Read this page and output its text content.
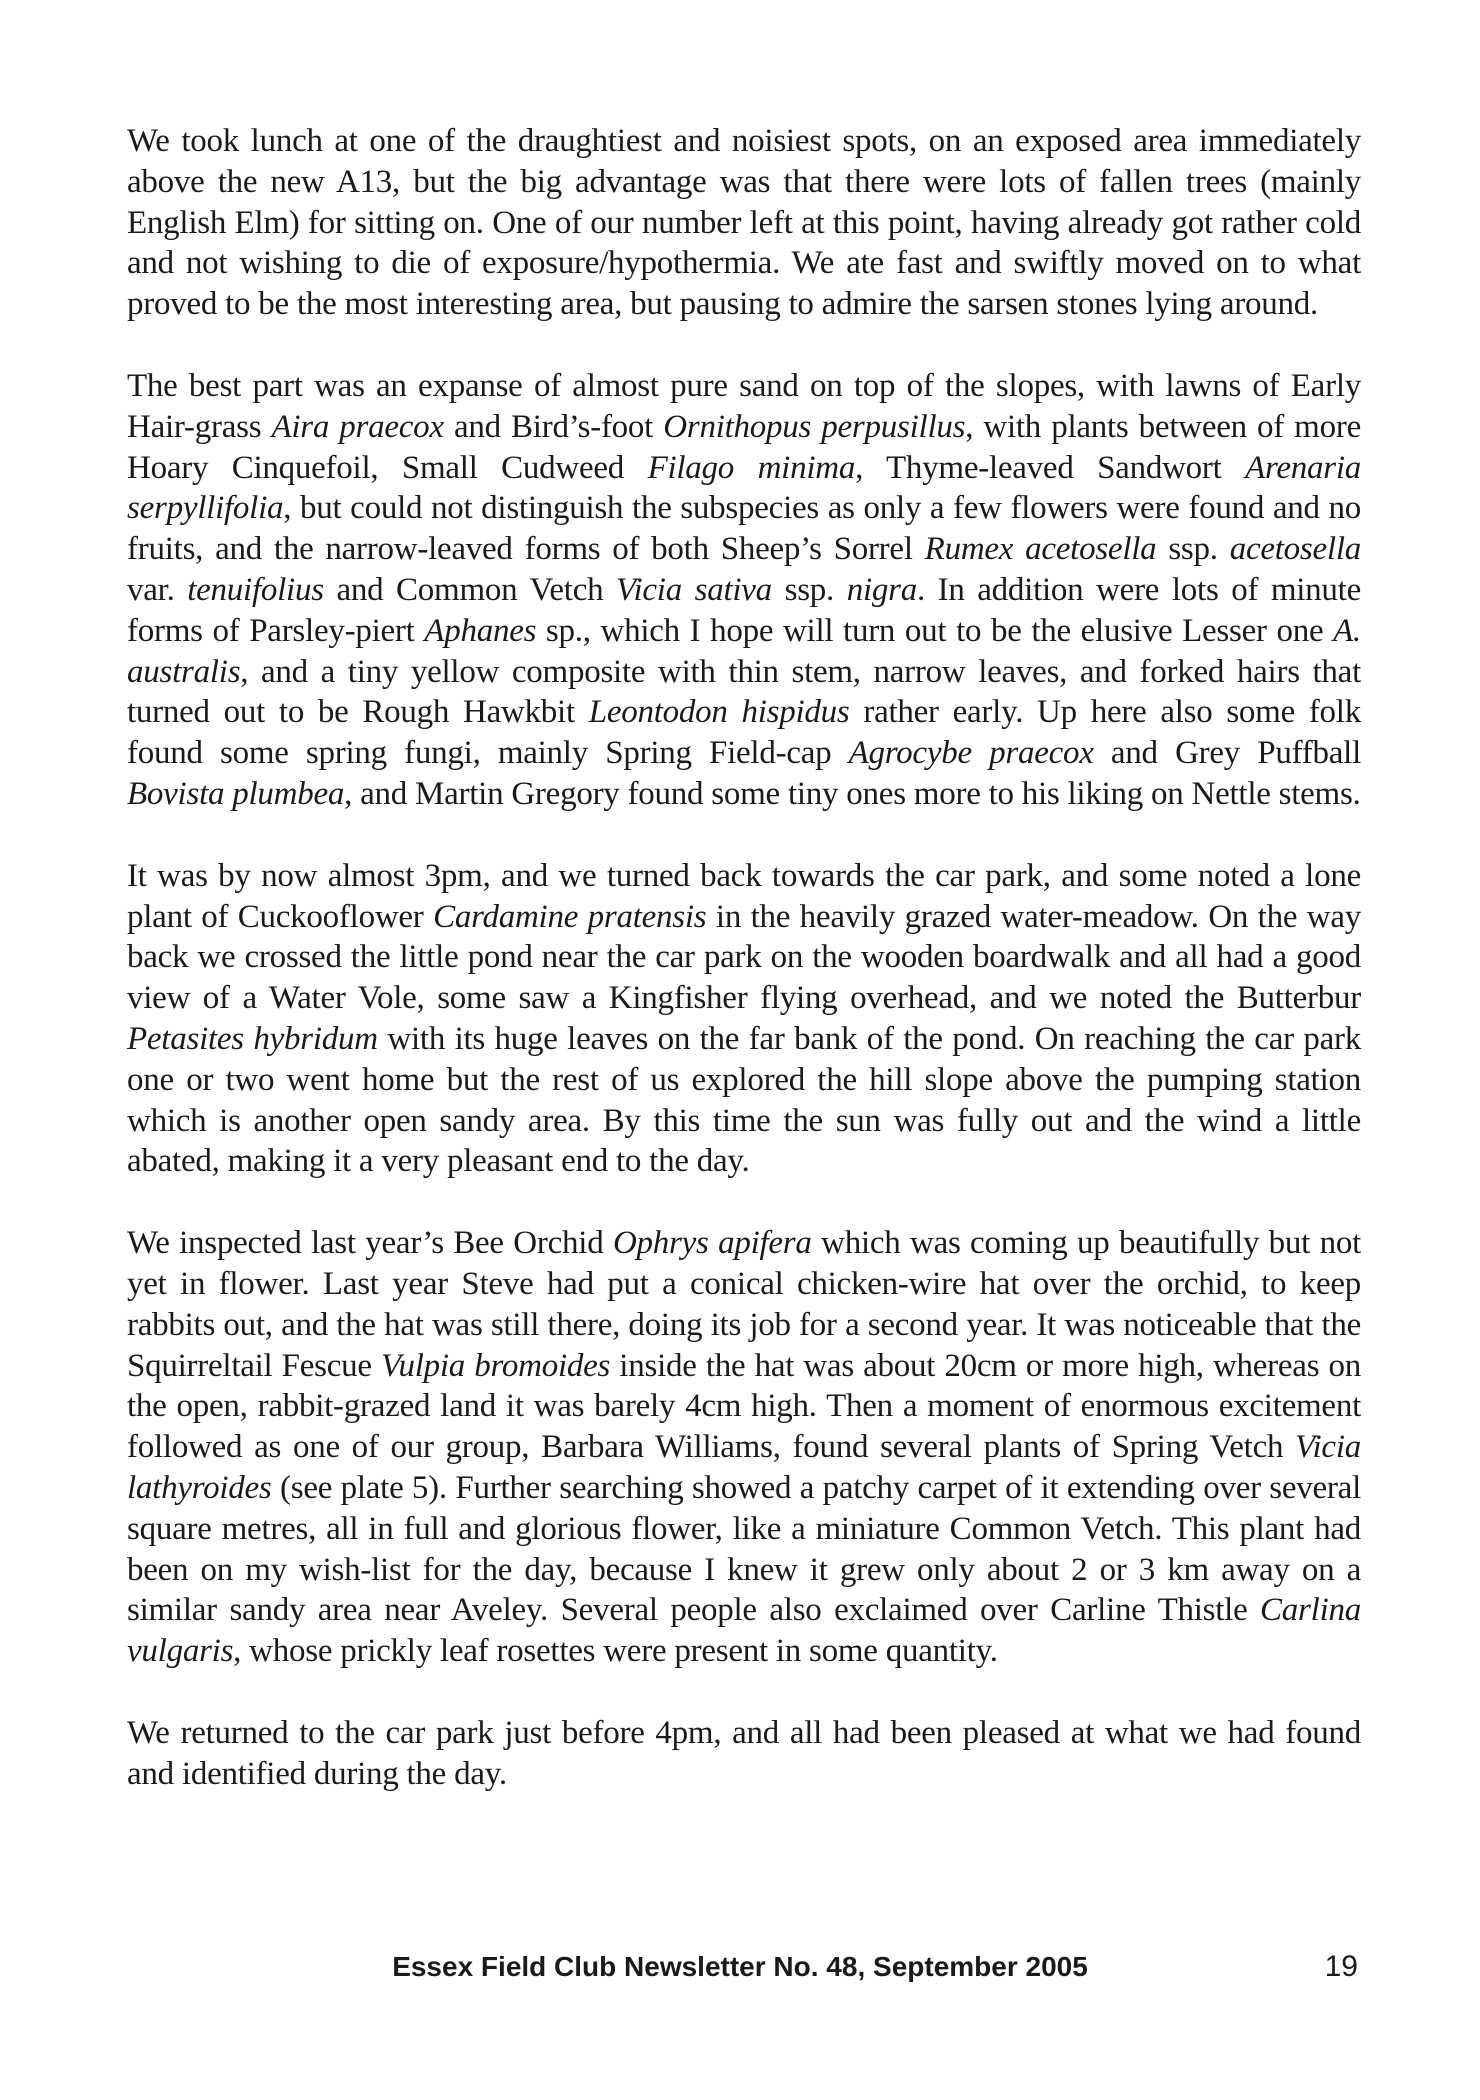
We took lunch at one of the draughtiest and noisiest spots, on an exposed area immediately above the new A13, but the big advantage was that there were lots of fallen trees (mainly English Elm) for sitting on. One of our number left at this point, having already got rather cold and not wishing to die of exposure/hypothermia. We ate fast and swiftly moved on to what proved to be the most interesting area, but pausing to admire the sarsen stones lying around.

The best part was an expanse of almost pure sand on top of the slopes, with lawns of Early Hair-grass Aira praecox and Bird’s-foot Ornithopus perpusillus, with plants between of more Hoary Cinquefoil, Small Cudweed Filago minima, Thyme-leaved Sandwort Arenaria serpyllifolia, but could not distinguish the subspecies as only a few flowers were found and no fruits, and the narrow-leaved forms of both Sheep’s Sorrel Rumex acetosella ssp. acetosella var. tenuifolius and Common Vetch Vicia sativa ssp. nigra. In addition were lots of minute forms of Parsley-piert Aphanes sp., which I hope will turn out to be the elusive Lesser one A. australis, and a tiny yellow composite with thin stem, narrow leaves, and forked hairs that turned out to be Rough Hawkbit Leontodon hispidus rather early. Up here also some folk found some spring fungi, mainly Spring Field-cap Agrocybe praecox and Grey Puffball Bovista plumbea, and Martin Gregory found some tiny ones more to his liking on Nettle stems.

It was by now almost 3pm, and we turned back towards the car park, and some noted a lone plant of Cuckooflower Cardamine pratensis in the heavily grazed water-meadow. On the way back we crossed the little pond near the car park on the wooden boardwalk and all had a good view of a Water Vole, some saw a Kingfisher flying overhead, and we noted the Butterbur Petasites hybridum with its huge leaves on the far bank of the pond. On reaching the car park one or two went home but the rest of us explored the hill slope above the pumping station which is another open sandy area. By this time the sun was fully out and the wind a little abated, making it a very pleasant end to the day.

We inspected last year’s Bee Orchid Ophrys apifera which was coming up beautifully but not yet in flower. Last year Steve had put a conical chicken-wire hat over the orchid, to keep rabbits out, and the hat was still there, doing its job for a second year. It was noticeable that the Squirreltail Fescue Vulpia bromoides inside the hat was about 20cm or more high, whereas on the open, rabbit-grazed land it was barely 4cm high. Then a moment of enormous excitement followed as one of our group, Barbara Williams, found several plants of Spring Vetch Vicia lathyroides (see plate 5). Further searching showed a patchy carpet of it extending over several square metres, all in full and glorious flower, like a miniature Common Vetch. This plant had been on my wish-list for the day, because I knew it grew only about 2 or 3 km away on a similar sandy area near Aveley. Several people also exclaimed over Carline Thistle Carlina vulgaris, whose prickly leaf rosettes were present in some quantity.

We returned to the car park just before 4pm, and all had been pleased at what we had found and identified during the day.

Essex Field Club Newsletter No. 48, September 2005	19
